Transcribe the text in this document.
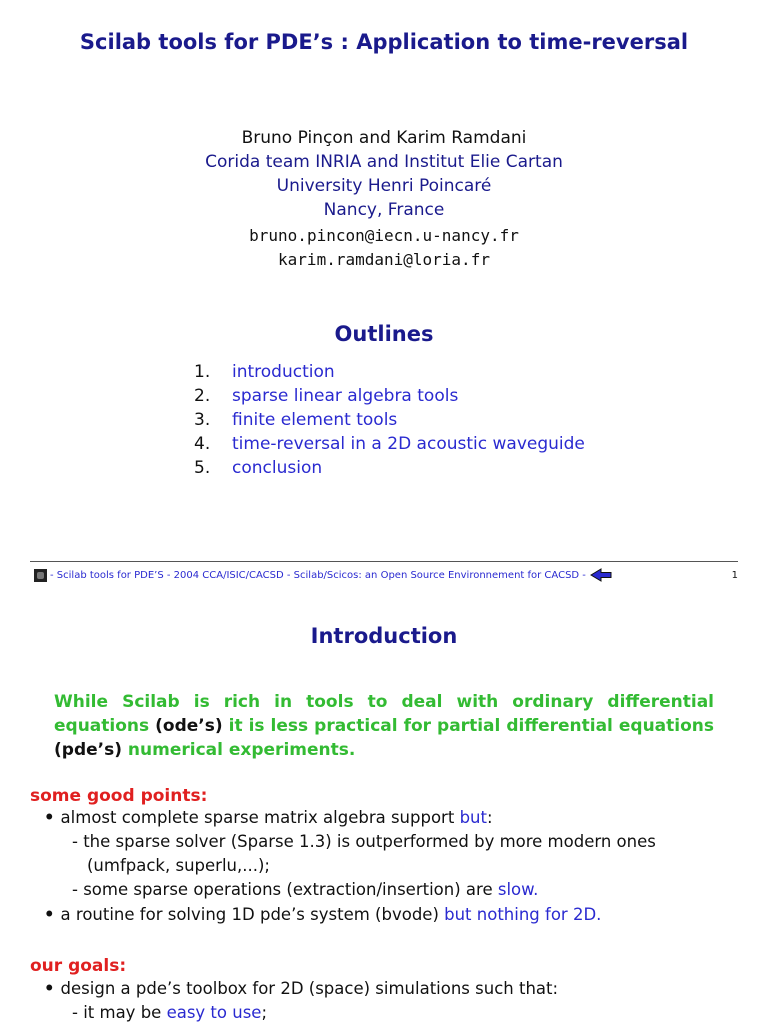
Scilab tools for PDE’s : Application to time-reversal
Bruno Pinçon and Karim Ramdani
Corida team INRIA and Institut Elie Cartan
University Henri Poincaré
Nancy, France
bruno.pincon@iecn.u-nancy.fr
karim.ramdani@loria.fr
Outlines
1. introduction
2. sparse linear algebra tools
3. finite element tools
4. time-reversal in a 2D acoustic waveguide
5. conclusion
- Scilab tools for PDE’S - 2004 CCA/ISIC/CACSD - Scilab/Scicos: an Open Source Environnement for CACSD -	1
Introduction
While Scilab is rich in tools to deal with ordinary differential equations (ode’s) it is less practical for partial differential equations (pde’s) numerical experiments.
some good points:
• almost complete sparse matrix algebra support but:
- the sparse solver (Sparse 1.3) is outperformed by more modern ones
(umfpack, superlu,...);
- some sparse operations (extraction/insertion) are slow.
• a routine for solving 1D pde’s system (bvode) but nothing for 2D.
our goals:
• design a pde’s toolbox for 2D (space) simulations such that:
- it may be easy to use;
